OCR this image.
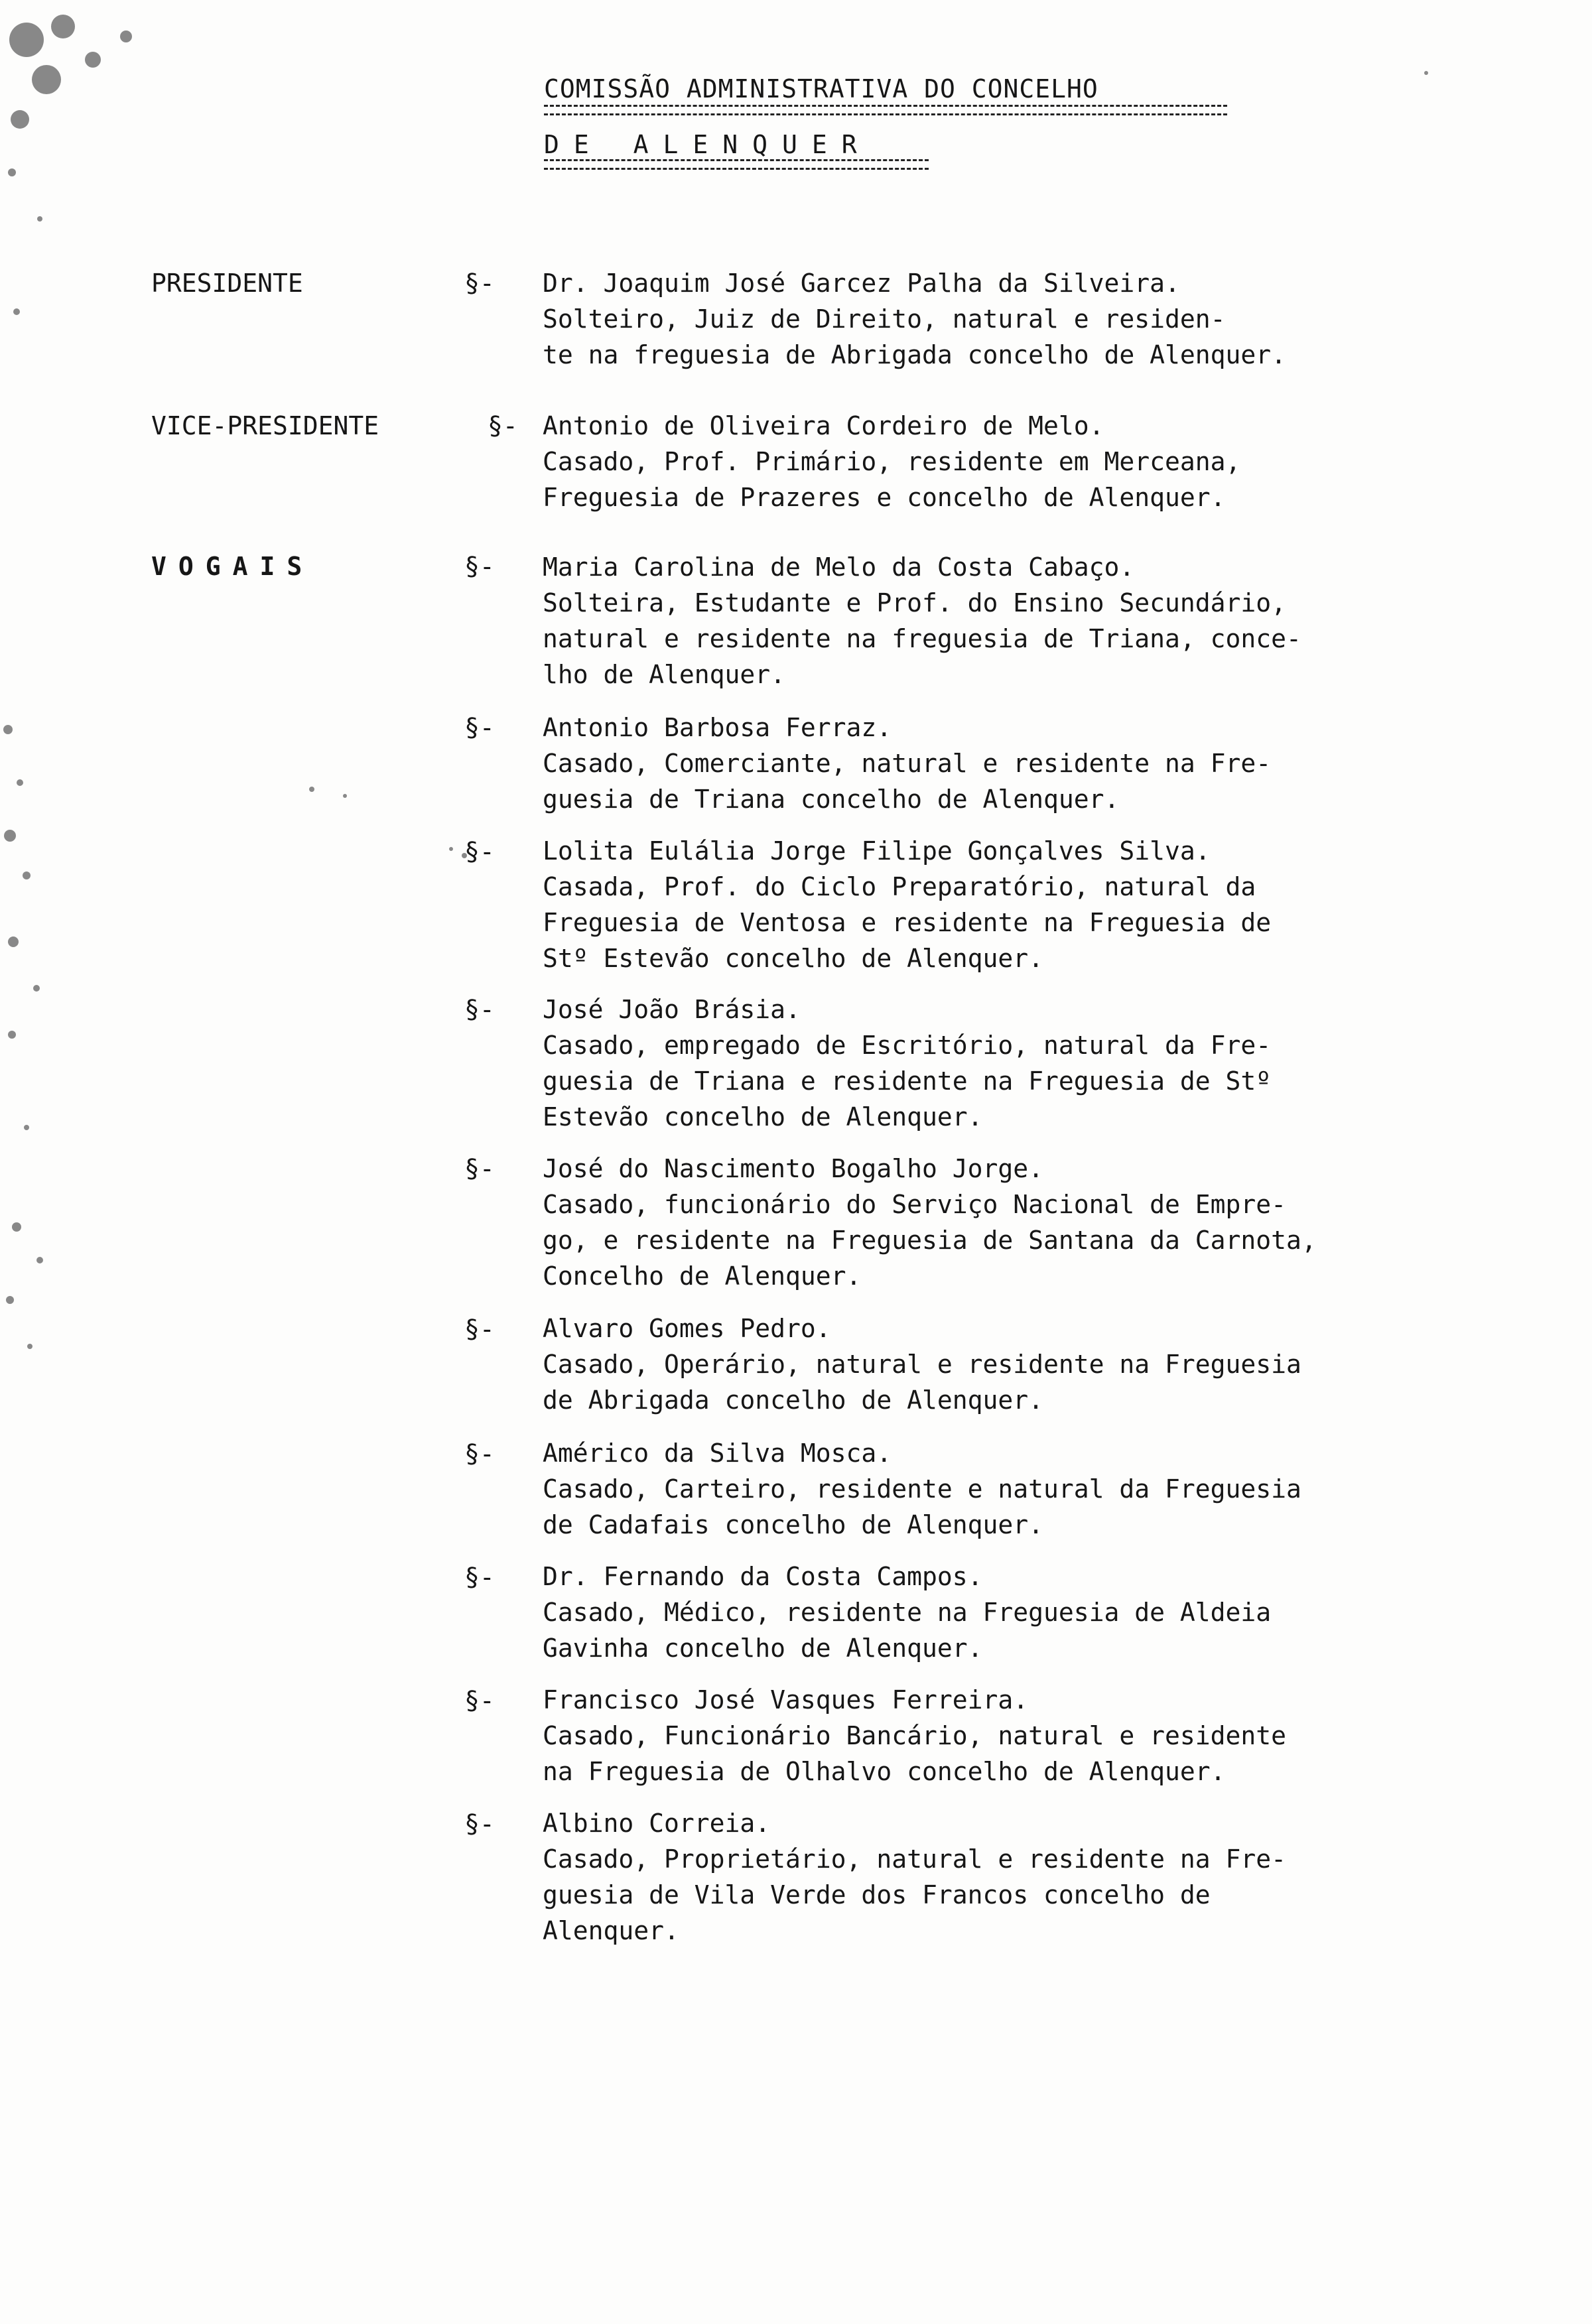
COMISSÃO ADMINISTRATIVA DO CONCELHO
DE ALENQUER
PRESIDENTE	§- Dr. Joaquim José Garcez Palha da Silveira.
Solteiro, Juiz de Direito, natural e residen-
te na freguesia de Abrigada concelho de Alenquer.
VICE-PRESIDENTE	§- Antonio de Oliveira Cordeiro de Melo.
Casado, Prof. Primário, residente em Merceana,
Freguesia de Prazeres e concelho de Alenquer.
VOGAIS	§- Maria Carolina de Melo da Costa Cabaço.
Solteira, Estudante e Prof. do Ensino Secundário,
natural e residente na freguesia de Triana, conce-
lho de Alenquer.
§- Antonio Barbosa Ferraz.
Casado, Comerciante, natural e residente na Fre-
guesia de Triana concelho de Alenquer.
§- Lolita Eulália Jorge Filipe Gonçalves Silva.
Casada, Prof. do Ciclo Preparatório, natural da
Freguesia de Ventosa e residente na Freguesia de
Stº Estevão concelho de Alenquer.
§- José João Brásia.
Casado, empregado de Escritório, natural da Fre-
guesia de Triana e residente na Freguesia de Stº
Estevão concelho de Alenquer.
§- José do Nascimento Bogalho Jorge.
Casado, funcionário do Serviço Nacional de Empre-
go, e residente na Freguesia de Santana da Carnota,
Concelho de Alenquer.
§- Alvaro Gomes Pedro.
Casado, Operário, natural e residente na Freguesia
de Abrigada concelho de Alenquer.
§- Américo da Silva Mosca.
Casado, Carteiro, residente e natural da Freguesia
de Cadafais concelho de Alenquer.
§- Dr. Fernando da Costa Campos.
Casado, Médico, residente na Freguesia de Aldeia
Gavinha concelho de Alenquer.
§- Francisco José Vasques Ferreira.
Casado, Funcionário Bancário, natural e residente
na Freguesia de Olhalvo concelho de Alenquer.
§- Albino Correia.
Casado, Proprietário, natural e residente na Fre-
guesia de Vila Verde dos Francos concelho de
Alenquer.
